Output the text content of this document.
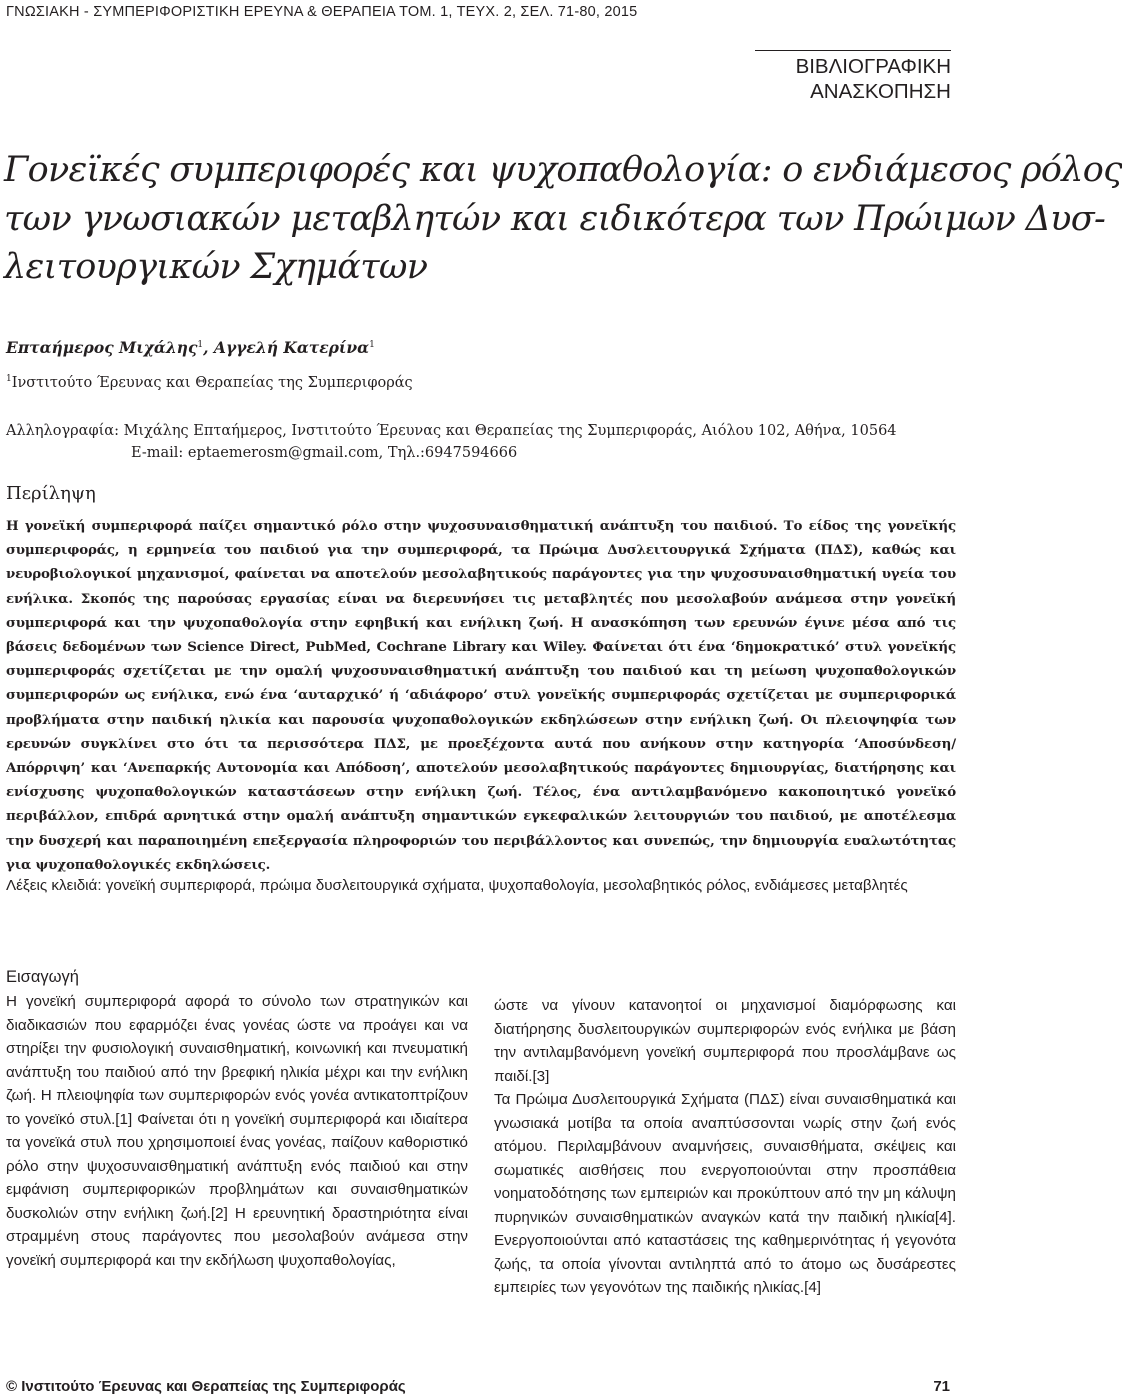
ΓΝΩΣΙΑΚΗ - ΣΥΜΠΕΡΙΦΟΡΙΣΤΙΚΗ ΕΡΕΥΝΑ & ΘΕΡΑΠΕΙΑ ΤΟΜ. 1, ΤΕΥΧ. 2, ΣΕΛ. 71-80, 2015
ΒΙΒΛΙΟΓΡΑΦΙΚΗ
ΑΝΑΣΚΟΠΗΣΗ
Γονεϊκές συμπεριφορές και ψυχοπαθολογία: ο ενδιάμεσος ρόλος
των γνωσιακών μεταβλητών και ειδικότερα των Πρώιμων Δυσ-
λειτουργικών Σχημάτων
Επταήμερος Μιχάλης$^1$, Αγγελή Κατερίνα$^1$
$^1$Ινστιτούτο Έρευνας και Θεραπείας της Συμπεριφοράς
Αλληλογραφία: Μιχάλης Επταήμερος, Ινστιτούτο Έρευνας και Θεραπείας της Συμπεριφοράς, Αιόλου 102, Αθήνα, 10564
E-mail: eptaemerosm@gmail.com, Τηλ.:6947594666
Περίληψη

Η γονεϊκή συμπεριφορά παίζει σημαντικό ρόλο στην ψυχοσυναισθηματική ανάπτυξη του παιδιού. Το είδος της γονεϊκής συμπεριφοράς, η ερμηνεία του παιδιού για την συμπεριφορά, τα Πρώιμα Δυσλειτουργικά Σχήματα (ΠΔΣ), καθώς και νευροβιολογικοί μηχανισμοί, φαίνεται να αποτελούν μεσολαβητικούς παράγοντες για την ψυχοσυναισθηματική υγεία του ενήλικα. Σκοπός της παρούσας εργασίας είναι να διερευνήσει τις μεταβλητές που μεσολαβούν ανάμεσα στην γονεϊκή συμπεριφορά και την ψυχοπαθολογία στην εφηβική και ενήλικη ζωή. Η ανασκόπηση των ερευνών έγινε μέσα από τις βάσεις δεδομένων των Science Direct, PubMed, Cochrane Library και Wiley. Φαίνεται ότι ένα ‘δημοκρατικό’ στυλ γονεϊκής συμπεριφοράς σχετίζεται με την ομαλή ψυχοσυναισθηματική ανάπτυξη του παιδιού και τη μείωση ψυχοπαθολογικών συμπεριφορών ως ενήλικα, ενώ ένα ‘αυταρχικό’ ή ‘αδιάφορο’ στυλ γονεϊκής συμπεριφοράς σχετίζεται με συμπεριφορικά προβλήματα στην παιδική ηλικία και παρουσία ψυχοπαθολογικών εκδηλώσεων στην ενήλικη ζωή. Οι πλειοψηφία των ερευνών συγκλίνει στο ότι τα περισσότερα ΠΔΣ, με προεξέχοντα αυτά που ανήκουν στην κατηγορία ‘Αποσύνδεση/Απόρριψη’ και ‘Ανεπαρκής Αυτονομία και Απόδοση’, αποτελούν μεσολαβητικούς παράγοντες δημιουργίας, διατήρησης και ενίσχυσης ψυχοπαθολογικών καταστάσεων στην ενήλικη ζωή. Τέλος, ένα αντιλαμβανόμενο κακοποιητικό γονεϊκό περιβάλλον, επιδρά αρνητικά στην ομαλή ανάπτυξη σημαντικών εγκεφαλικών λειτουργιών του παιδιού, με αποτέλεσμα την δυσχερή και παραποιημένη επεξεργασία πληροφοριών του περιβάλλοντος και συνεπώς, την δημιουργία ευαλωτότητας για ψυχοπαθολογικές εκδηλώσεις.

Λέξεις κλειδιά: γονεϊκή συμπεριφορά, πρώιμα δυσλειτουργικά σχήματα, ψυχοπαθολογία, μεσολαβητικός ρόλος, ενδιάμεσες μεταβλητές

Εισαγωγή

Η γονεϊκή συμπεριφορά αφορά το σύνολο των στρατηγικών και διαδικασιών που εφαρμόζει ένας γονέας ώστε να προάγει και να στηρίξει την φυσιολογική συναισθηματική, κοινωνική και πνευματική ανάπτυξη του παιδιού από την βρεφική ηλικία μέχρι και την ενήλικη ζωή. Η πλειοψηφία των συμπεριφορών ενός γονέα αντικατοπτρίζουν το γονεϊκό στυλ.[1] Φαίνεται ότι η γονεϊκή συμπεριφορά και ιδιαίτερα τα γονεϊκά στυλ που χρησιμοποιεί ένας γονέας, παίζουν καθοριστικό ρόλο στην ψυχοσυναισθηματική ανάπτυξη ενός παιδιού και στην εμφάνιση συμπεριφορικών προβλημάτων και συναισθηματικών δυσκολιών στην ενήλικη ζωή.[2] Η ερευνητική δραστηριότητα είναι στραμμένη στους παράγοντες που μεσολαβούν ανάμεσα στην γονεϊκή συμπεριφορά και την εκδήλωση ψυχοπαθολογίας,

ώστε να γίνουν κατανοητοί οι μηχανισμοί διαμόρφωσης και διατήρησης δυσλειτουργικών συμπεριφορών ενός ενήλικα με βάση την αντιλαμβανόμενη γονεϊκή συμπεριφορά που προσλάμβανε ως παιδί.[3]

Τα Πρώιμα Δυσλειτουργικά Σχήματα (ΠΔΣ) είναι συναισθηματικά και γνωσιακά μοτίβα τα οποία αναπτύσσονται νωρίς στην ζωή ενός ατόμου. Περιλαμβάνουν αναμνήσεις, συναισθήματα, σκέψεις και σωματικές αισθήσεις που ενεργοποιούνται στην προσπάθεια νοηματοδότησης των εμπειριών και προκύπτουν από την μη κάλυψη πυρηνικών συναισθηματικών αναγκών κατά την παιδική ηλικία[4]. Ενεργοποιούνται από καταστάσεις της καθημερινότητας ή γεγονότα ζωής, τα οποία γίνονται αντιληπτά από το άτομο ως δυσάρεστες εμπειρίες των γεγονότων της παιδικής ηλικίας.[4]

© Ινστιτούτο Έρευνας και Θεραπείας της Συμπεριφοράς	71
